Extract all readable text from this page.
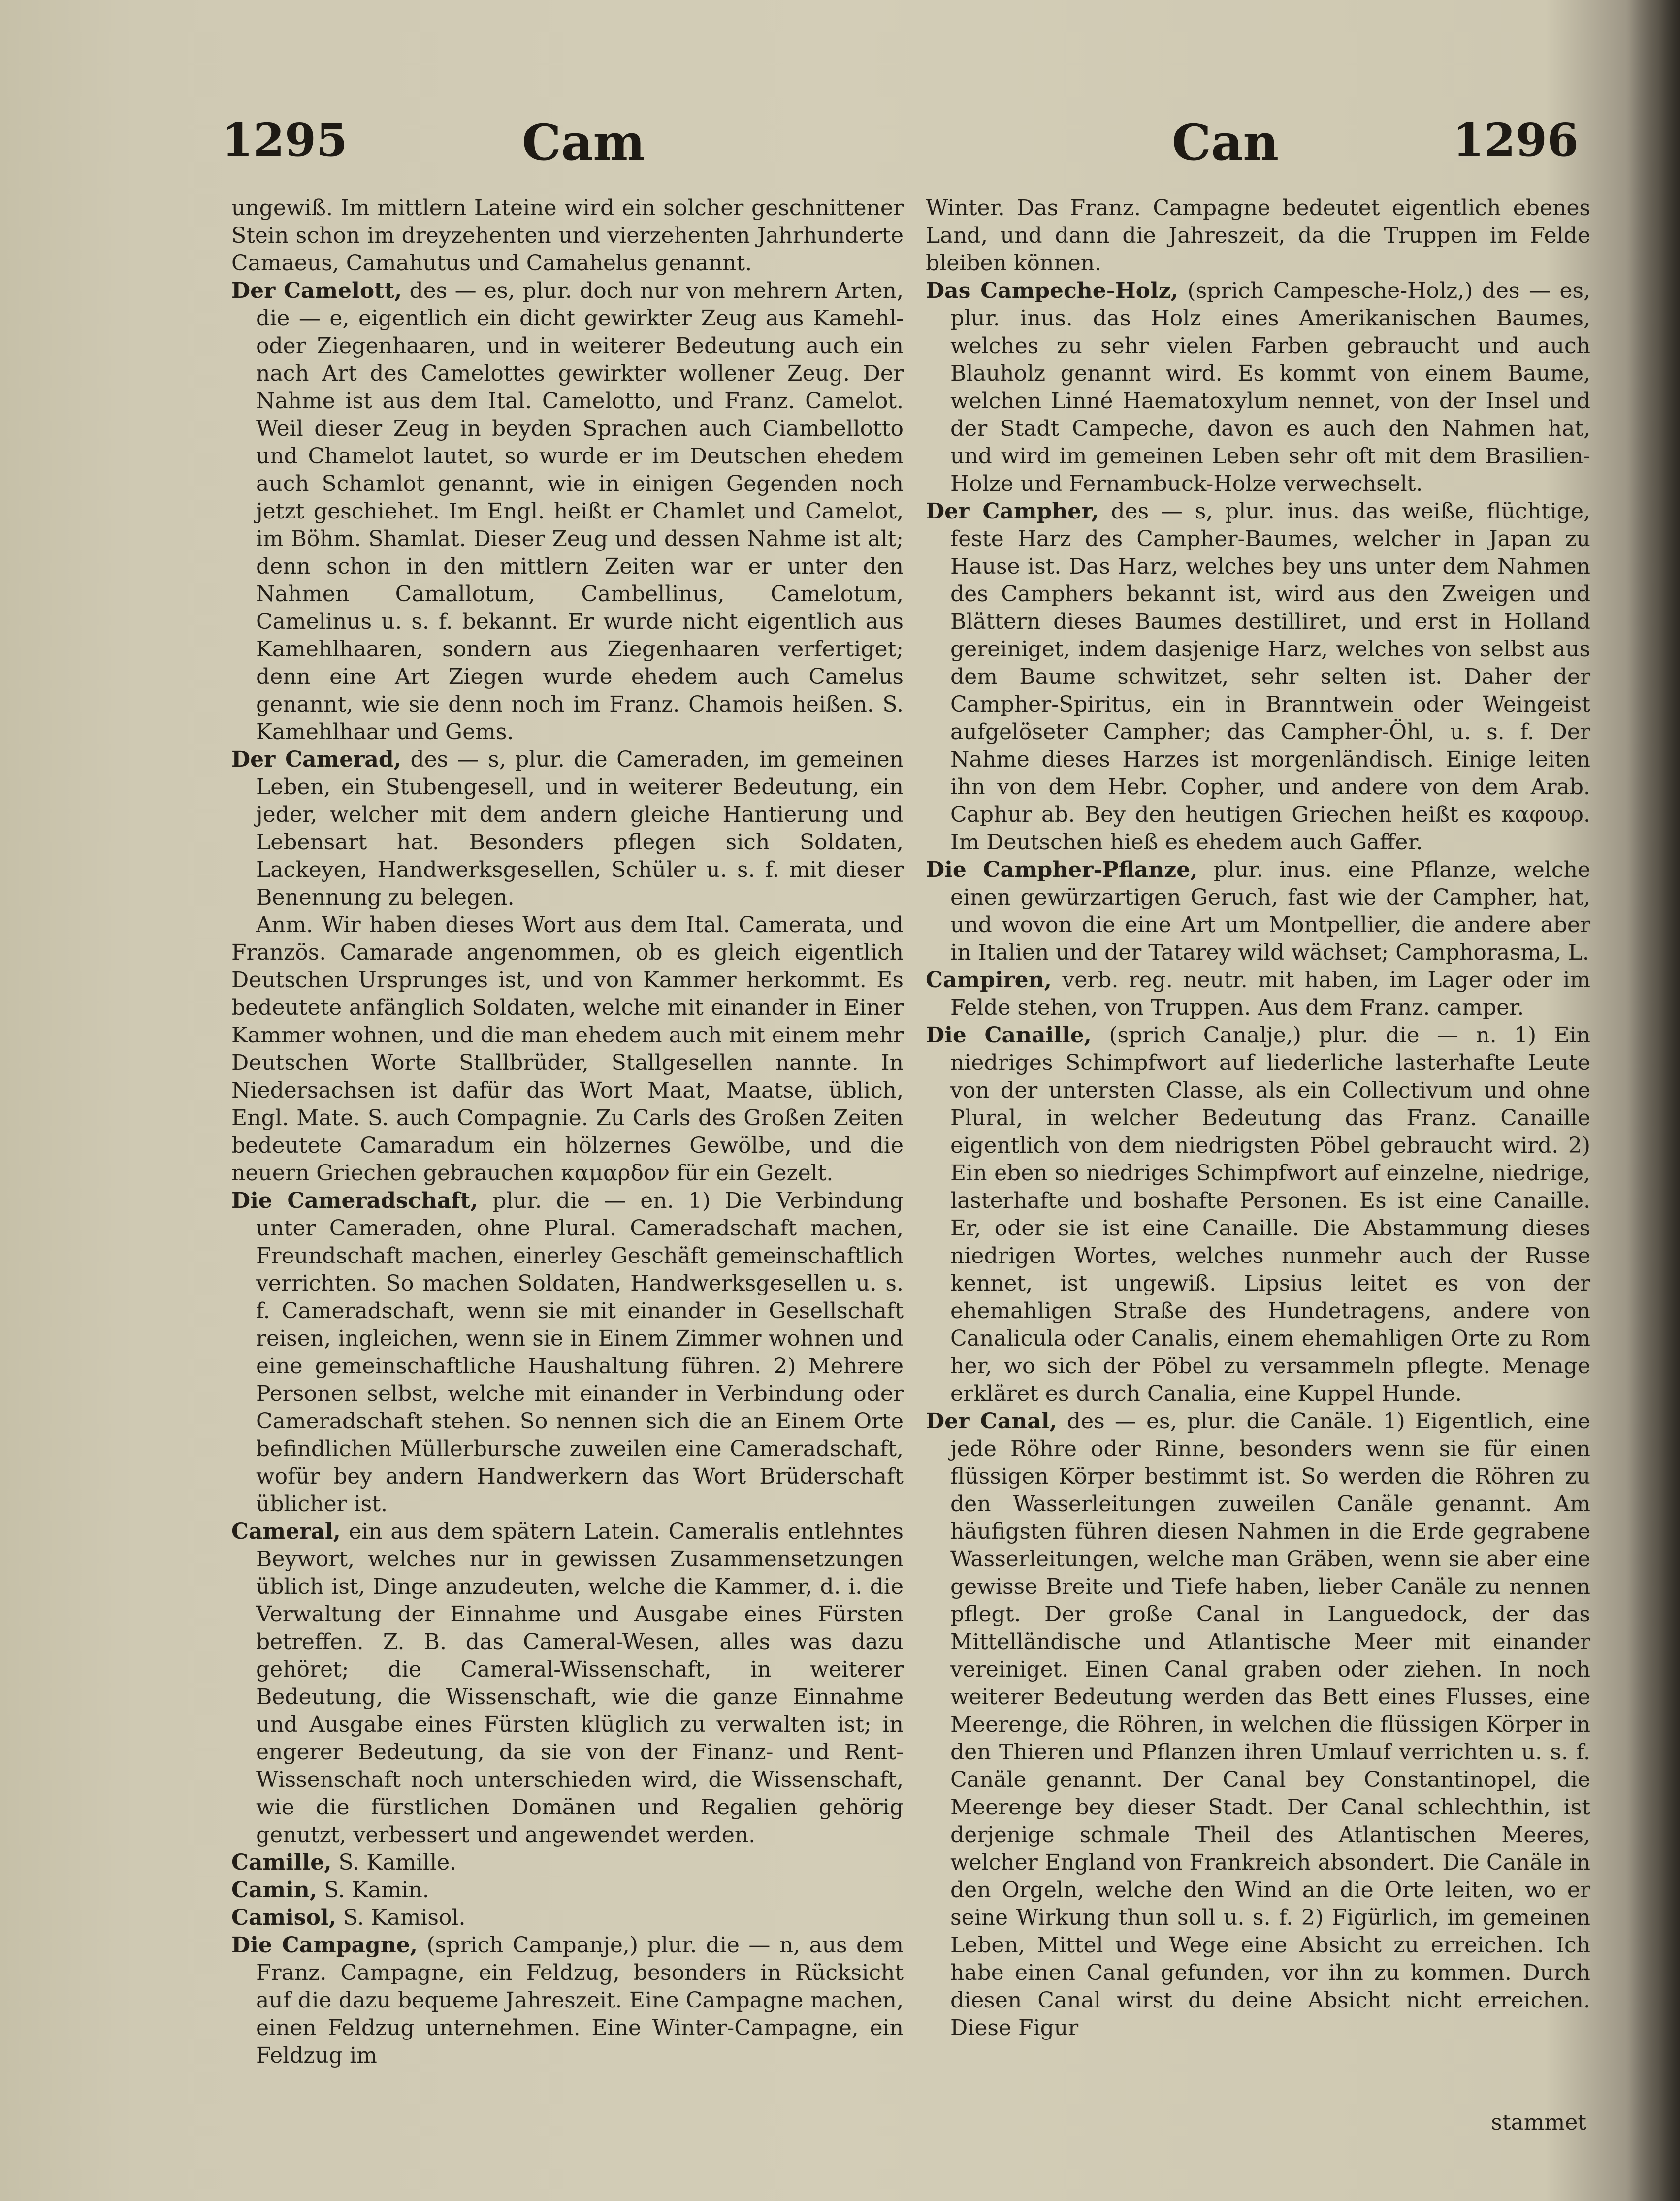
1295	Cam	Can	1296

ungewiß. Im mittlern Lateine wird ein solcher geschnittener Stein schon im dreyzehenten und vierzehenten Jahrhunderte Camaeus, Camahutus und Camahelus genannt.

Der Camelott, des — es, plur. doch nur von mehrern Arten, die — e, eigentlich ein dicht gewirkter Zeug aus Kamehl- oder Ziegenhaaren, und in weiterer Bedeutung auch ein nach Art des Camelottes gewirkter wollener Zeug. Der Nahme ist aus dem Ital. Camelotto, und Franz. Camelot. Weil dieser Zeug in beyden Sprachen auch Ciambellotto und Chamelot lautet, so wurde er im Deutschen ehedem auch Schamlot genannt, wie in einigen Gegenden noch jetzt geschiehet. Im Engl. heißt er Chamlet und Camelot, im Böhm. Shamlat. Dieser Zeug und dessen Nahme ist alt; denn schon in den mittlern Zeiten war er unter den Nahmen Camallotum, Cambellinus, Camelotum, Camelinus u. s. f. bekannt. Er wurde nicht eigentlich aus Kamehlhaaren, sondern aus Ziegenhaaren verfertiget; denn eine Art Ziegen wurde ehedem auch Camelus genannt, wie sie denn noch im Franz. Chamois heißen. S. Kamehlhaar und Gems.

Der Camerad, des — s, plur. die Cameraden, im gemeinen Leben, ein Stubengesell, und in weiterer Bedeutung, ein jeder, welcher mit dem andern gleiche Hantierung und Lebensart hat. Besonders pflegen sich Soldaten, Lackeyen, Handwerksgesellen, Schüler u. s. f. mit dieser Benennung zu belegen.

Anm. Wir haben dieses Wort aus dem Ital. Camerata, und Französ. Camarade angenommen, ob es gleich eigentlich Deutschen Ursprunges ist, und von Kammer herkommt. Es bedeutete anfänglich Soldaten, welche mit einander in Einer Kammer wohnen, und die man ehedem auch mit einem mehr Deutschen Worte Stallbrüder, Stallgesellen nannte. In Niedersachsen ist dafür das Wort Maat, Maatse, üblich, Engl. Mate. S. auch Compagnie. Zu Carls des Großen Zeiten bedeutete Camaradum ein hölzernes Gewölbe, und die neuern Griechen gebrauchen καμαρδον für ein Gezelt.

Die Cameradschaft, plur. die — en. 1) Die Verbindung unter Cameraden, ohne Plural. Cameradschaft machen, Freundschaft machen, einerley Geschäft gemeinschaftlich verrichten. So machen Soldaten, Handwerksgesellen u. s. f. Cameradschaft, wenn sie mit einander in Gesellschaft reisen, ingleichen, wenn sie in Einem Zimmer wohnen und eine gemeinschaftliche Haushaltung führen. 2) Mehrere Personen selbst, welche mit einander in Verbindung oder Cameradschaft stehen. So nennen sich die an Einem Orte befindlichen Müllerbursche zuweilen eine Cameradschaft, wofür bey andern Handwerkern das Wort Brüderschaft üblicher ist.

Cameral, ein aus dem spätern Latein. Cameralis entlehntes Beywort, welches nur in gewissen Zusammensetzungen üblich ist, Dinge anzudeuten, welche die Kammer, d. i. die Verwaltung der Einnahme und Ausgabe eines Fürsten betreffen. Z. B. das Cameral-Wesen, alles was dazu gehöret; die Cameral-Wissenschaft, in weiterer Bedeutung, die Wissenschaft, wie die ganze Einnahme und Ausgabe eines Fürsten klüglich zu verwalten ist; in engerer Bedeutung, da sie von der Finanz- und Rent-Wissenschaft noch unterschieden wird, die Wissenschaft, wie die fürstlichen Domänen und Regalien gehörig genutzt, verbessert und angewendet werden.

Camille, S. Kamille.

Camin, S. Kamin.

Camisol, S. Kamisol.

Die Campagne, (sprich Campanje,) plur. die — n, aus dem Franz. Campagne, ein Feldzug, besonders in Rücksicht auf die dazu bequeme Jahreszeit. Eine Campagne machen, einen Feldzug unternehmen. Eine Winter-Campagne, ein Feldzug im

Winter. Das Franz. Campagne bedeutet eigentlich ebenes Land, und dann die Jahreszeit, da die Truppen im Felde bleiben können.

Das Campeche-Holz, (sprich Campesche-Holz,) des — es, plur. inus. das Holz eines Amerikanischen Baumes, welches zu sehr vielen Farben gebraucht und auch Blauholz genannt wird. Es kommt von einem Baume, welchen Linné Haematoxylum nennet, von der Insel und der Stadt Campeche, davon es auch den Nahmen hat, und wird im gemeinen Leben sehr oft mit dem Brasilien-Holze und Fernambuck-Holze verwechselt.

Der Campher, des — s, plur. inus. das weiße, flüchtige, feste Harz des Campher-Baumes, welcher in Japan zu Hause ist. Das Harz, welches bey uns unter dem Nahmen des Camphers bekannt ist, wird aus den Zweigen und Blättern dieses Baumes destilliret, und erst in Holland gereiniget, indem dasjenige Harz, welches von selbst aus dem Baume schwitzet, sehr selten ist. Daher der Campher-Spiritus, ein in Branntwein oder Weingeist aufgelöseter Campher; das Campher-Öhl, u. s. f. Der Nahme dieses Harzes ist morgenländisch. Einige leiten ihn von dem Hebr. Copher, und andere von dem Arab. Caphur ab. Bey den heutigen Griechen heißt es καφουρ. Im Deutschen hieß es ehedem auch Gaffer.

Die Campher-Pflanze, plur. inus. eine Pflanze, welche einen gewürzartigen Geruch, fast wie der Campher, hat, und wovon die eine Art um Montpellier, die andere aber in Italien und der Tatarey wild wächset; Camphorasma, L.

Campiren, verb. reg. neutr. mit haben, im Lager oder im Felde stehen, von Truppen. Aus dem Franz. camper.

Die Canaille, (sprich Canalje,) plur. die — n. 1) Ein niedriges Schimpfwort auf liederliche lasterhafte Leute von der untersten Classe, als ein Collectivum und ohne Plural, in welcher Bedeutung das Franz. Canaille eigentlich von dem niedrigsten Pöbel gebraucht wird. 2) Ein eben so niedriges Schimpfwort auf einzelne, niedrige, lasterhafte und boshafte Personen. Es ist eine Canaille. Er, oder sie ist eine Canaille. Die Abstammung dieses niedrigen Wortes, welches nunmehr auch der Russe kennet, ist ungewiß. Lipsius leitet es von der ehemahligen Straße des Hundetragens, andere von Canalicula oder Canalis, einem ehemahligen Orte zu Rom her, wo sich der Pöbel zu versammeln pflegte. Menage erkläret es durch Canalia, eine Kuppel Hunde.

Der Canal, des — es, plur. die Canäle. 1) Eigentlich, eine jede Röhre oder Rinne, besonders wenn sie für einen flüssigen Körper bestimmt ist. So werden die Röhren zu den Wasserleitungen zuweilen Canäle genannt. Am häufigsten führen diesen Nahmen in die Erde gegrabene Wasserleitungen, welche man Gräben, wenn sie aber eine gewisse Breite und Tiefe haben, lieber Canäle zu nennen pflegt. Der große Canal in Languedock, der das Mittelländische und Atlantische Meer mit einander vereiniget. Einen Canal graben oder ziehen. In noch weiterer Bedeutung werden das Bett eines Flusses, eine Meerenge, die Röhren, in welchen die flüssigen Körper in den Thieren und Pflanzen ihren Umlauf verrichten u. s. f. Canäle genannt. Der Canal bey Constantinopel, die Meerenge bey dieser Stadt. Der Canal schlechthin, ist derjenige schmale Theil des Atlantischen Meeres, welcher England von Frankreich absondert. Die Canäle in den Orgeln, welche den Wind an die Orte leiten, wo er seine Wirkung thun soll u. s. f. 2) Figürlich, im gemeinen Leben, Mittel und Wege eine Absicht zu erreichen. Ich habe einen Canal gefunden, vor ihn zu kommen. Durch diesen Canal wirst du deine Absicht nicht erreichen. Diese Figur

stammet
